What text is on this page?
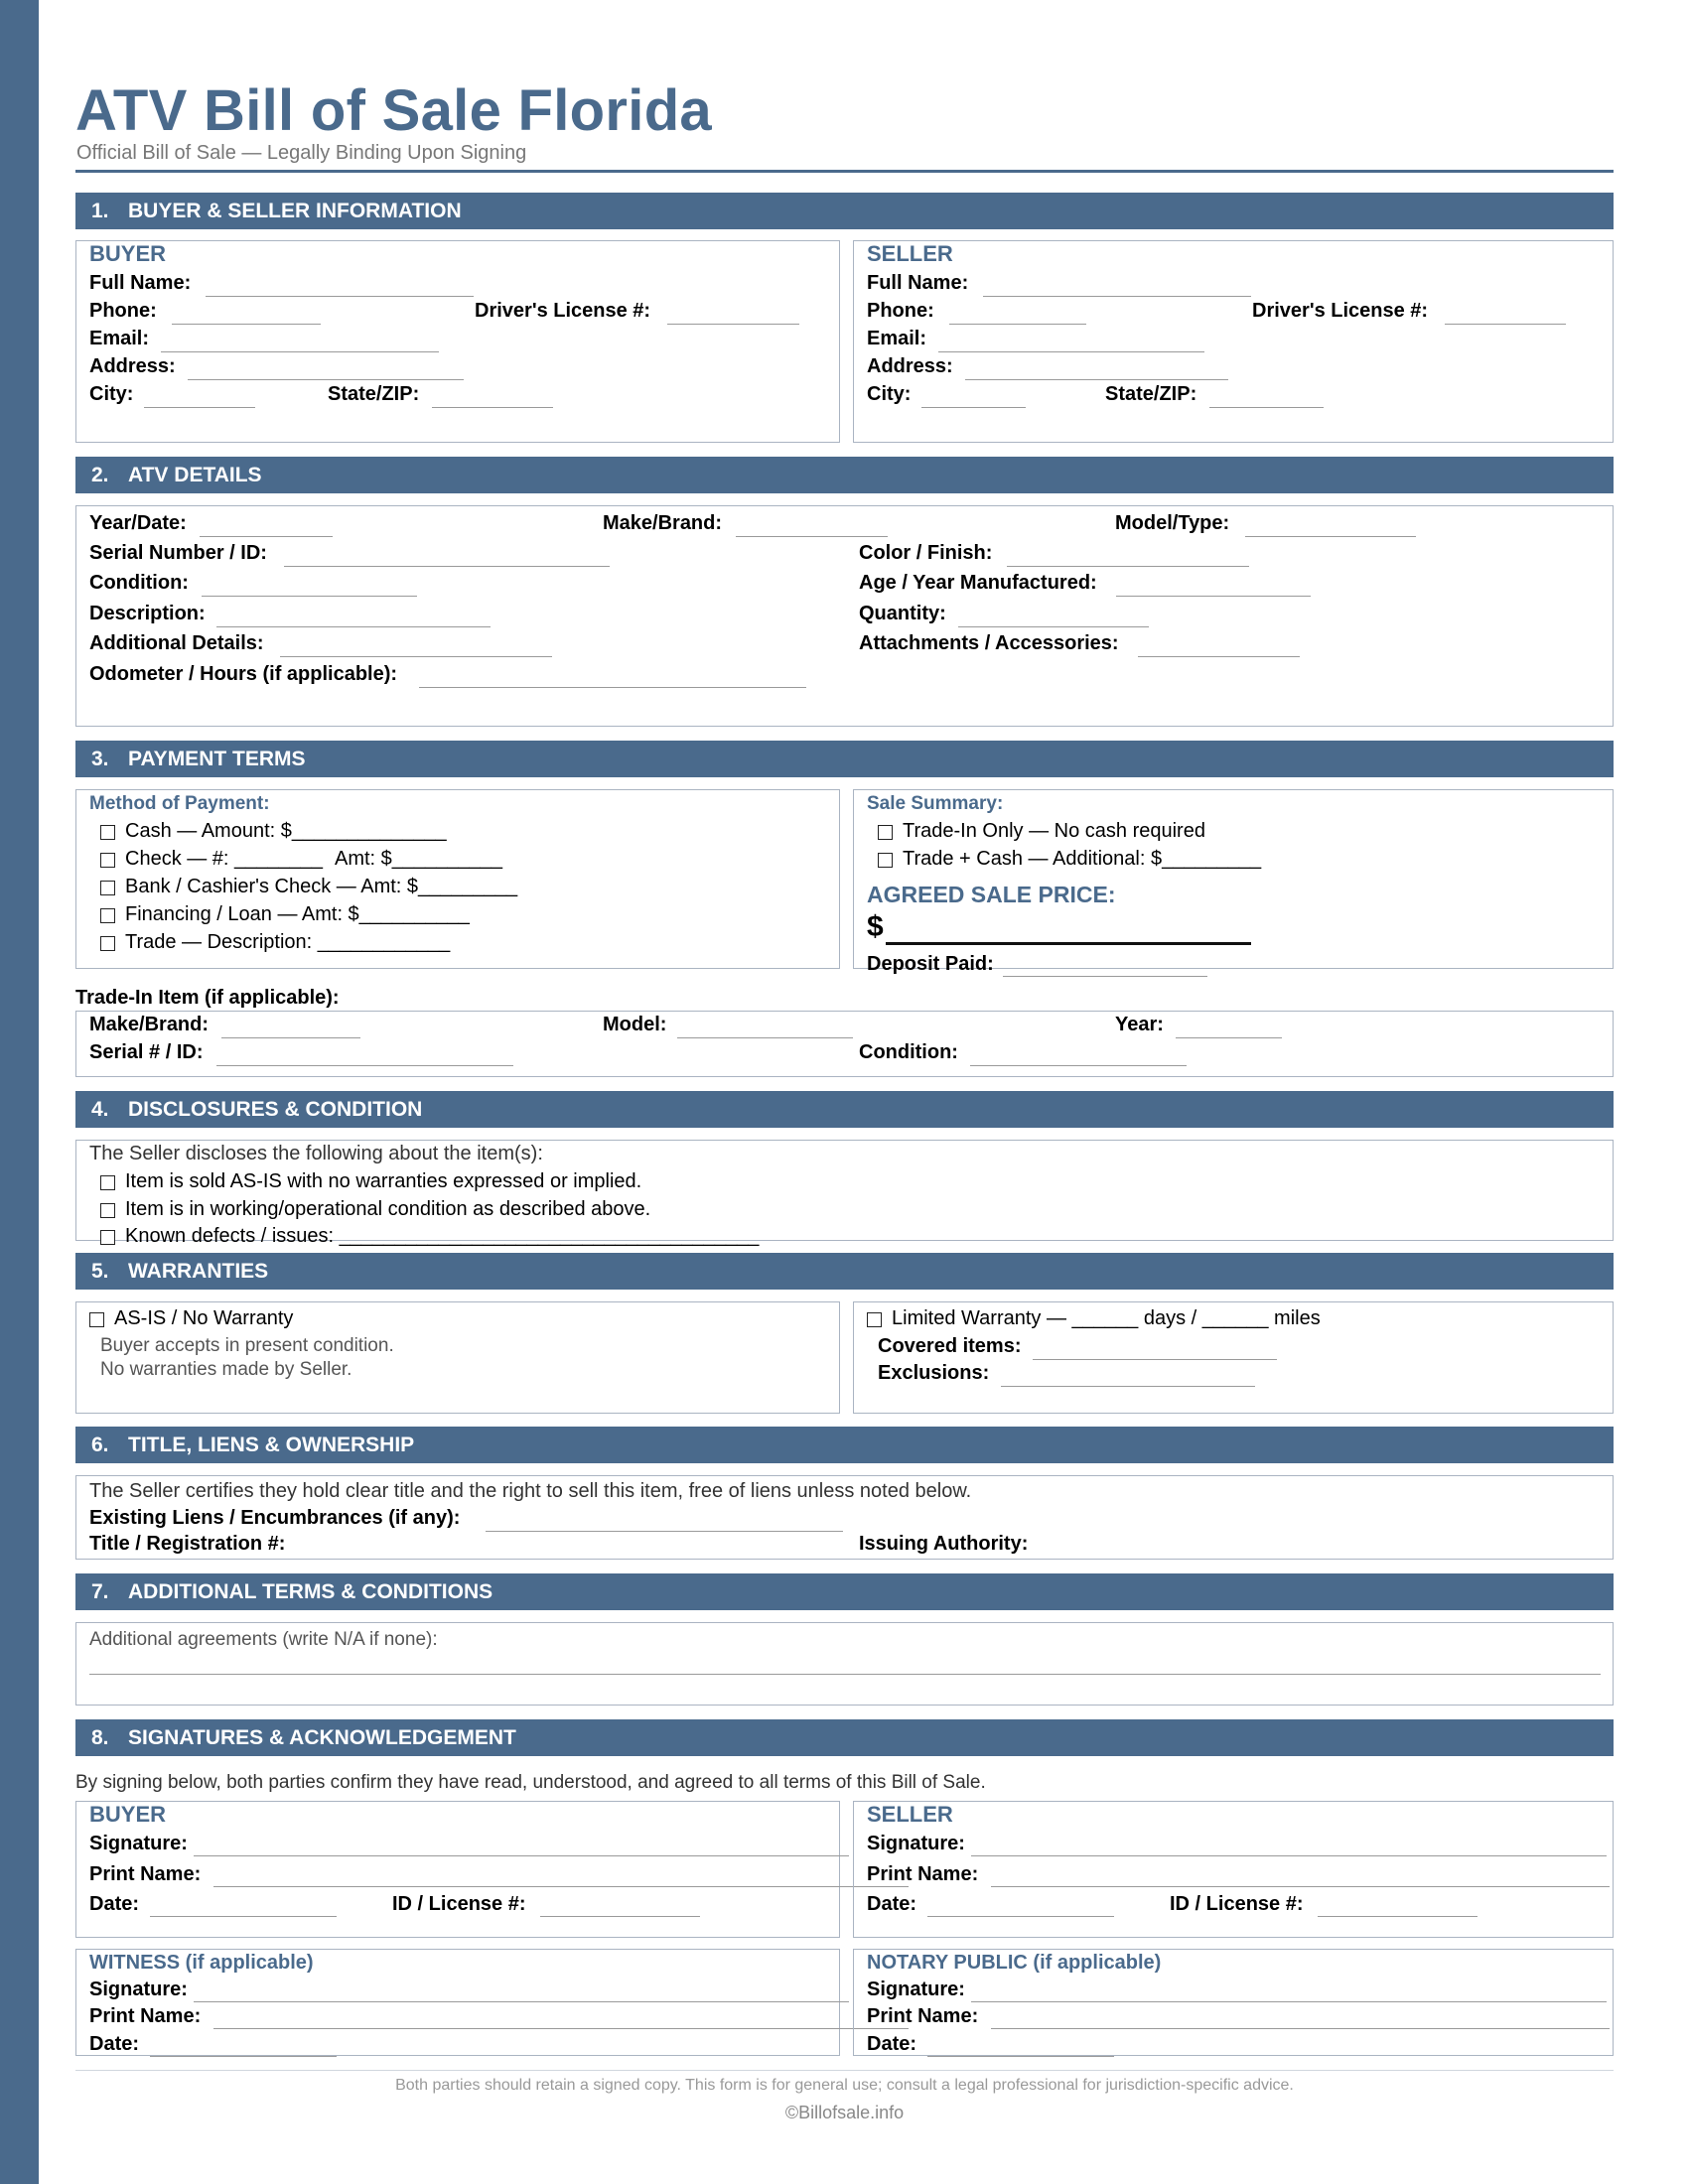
ATV Bill of Sale Florida
Official Bill of Sale — Legally Binding Upon Signing
1. BUYER & SELLER INFORMATION
BUYER
Full Name:
Phone:	Driver's License #:
Email:
Address:
City:	State/ZIP:
SELLER
Full Name:
Phone:	Driver's License #:
Email:
Address:
City:	State/ZIP:
2. ATV DETAILS
Year/Date:	Make/Brand:	Model/Type:
Serial Number / ID:	Color / Finish:
Condition:	Age / Year Manufactured:
Description:	Quantity:
Additional Details:	Attachments / Accessories:
Odometer / Hours (if applicable):
3. PAYMENT TERMS
Method of Payment:
Cash — Amount: $______________
Check — #: ________ Amt: $__________
Bank / Cashier's Check — Amt: $_________
Financing / Loan — Amt: $__________
Trade — Description: ____________
Sale Summary:
Trade-In Only — No cash required
Trade + Cash — Additional: $_________
AGREED SALE PRICE:
$
Deposit Paid:
Trade-In Item (if applicable):
Make/Brand:	Model:	Year:
Serial # / ID:	Condition:
4. DISCLOSURES & CONDITION
The Seller discloses the following about the item(s):
Item is sold AS-IS with no warranties expressed or implied.
Item is in working/operational condition as described above.
Known defects / issues: ______________________________________
5. WARRANTIES
AS-IS / No Warranty
Buyer accepts in present condition.
No warranties made by Seller.
Limited Warranty — ______ days / ______ miles
Covered items:
Exclusions:
6. TITLE, LIENS & OWNERSHIP
The Seller certifies they hold clear title and the right to sell this item, free of liens unless noted below.
Existing Liens / Encumbrances (if any):
Title / Registration #:	Issuing Authority:
7. ADDITIONAL TERMS & CONDITIONS
Additional agreements (write N/A if none):
8. SIGNATURES & ACKNOWLEDGEMENT
By signing below, both parties confirm they have read, understood, and agreed to all terms of this Bill of Sale.
BUYER
Signature:
Print Name:
Date:	ID / License #:
SELLER
Signature:
Print Name:
Date:	ID / License #:
WITNESS (if applicable)
Signature:
Print Name:
Date:
NOTARY PUBLIC (if applicable)
Signature:
Print Name:
Date:
Both parties should retain a signed copy. This form is for general use; consult a legal professional for jurisdiction-specific advice.
©Billofsale.info
